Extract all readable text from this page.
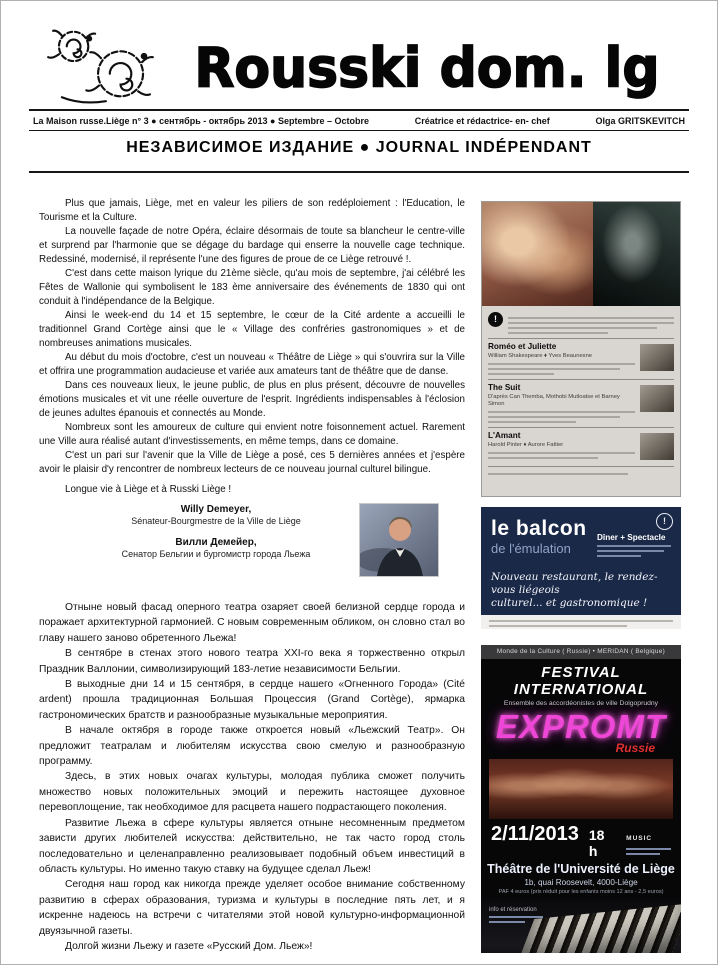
Rousski dom. lg
La Maison russe.Liège n° 3 ● сентябрь - октябрь 2013 ● Septembre – Octobre	Créatrice et rédactrice- en- chef	Olga GRITSKEVITCH
НЕЗАВИСИМОЕ ИЗДАНИЕ ● JOURNAL INDÉPENDANT

Plus que jamais, Liège, met en valeur les piliers de son redéploiement : l'Education, le Tourisme et la Culture.

La nouvelle façade de notre Opéra, éclaire désormais de toute sa blancheur le centre-ville et surprend par l'harmonie que se dégage du bardage qui enserre la nouvelle cage technique. Redessiné, modernisé, il représente l'une des figures de proue de ce Liège retrouvé !.

C'est dans cette maison lyrique du 21ème siècle, qu'au mois de septembre, j'ai célébré les Fêtes de Wallonie qui symbolisent le 183 ème anniversaire des événements de 1830 qui ont conduit à l'indépendance de la Belgique.

Ainsi le week-end du 14 et 15 septembre, le cœur de la Cité ardente a accueilli le traditionnel Grand Cortège ainsi que le « Village des confréries gastronomiques » et de nombreuses animations musicales.

Au début du mois d'octobre, c'est un nouveau « Théâtre de Liège » qui s'ouvrira sur la Ville et offrira une programmation audacieuse et variée aux amateurs tant de théâtre que de danse.

Dans ces nouveaux lieux, le jeune public, de plus en plus présent, découvre de nouvelles émotions musicales et vit une réelle ouverture de l'esprit. Ingrédients indispensables à l'éclosion de jeunes adultes épanouis et connectés au Monde.

Nombreux sont les amoureux de culture qui envient notre foisonnement actuel. Rarement une Ville aura réalisé autant d'investissements, en même temps, dans ce domaine.

C'est un pari sur l'avenir que la Ville de Liège a posé, ces 5 dernières années et j'espère avoir le plaisir d'y rencontrer de nombreux lecteurs de ce nouveau journal culturel bilingue.

Longue vie à Liège et à Russki Liège !

Willy Demeyer,
Sénateur-Bourgmestre de la Ville de Liège
Вилли Демейер,
Сенатор Бельгии и бургомистр города Льежа

Отныне новый фасад оперного театра озаряет своей белизной сердце города и поражает архитектурной гармонией. С новым современным обликом, он словно стал во главу нашего заново обретенного Льежа!

В сентябре в стенах этого нового театра XXI-го века я торжественно открыл Праздник Валлонии, символизирующий 183-летие независимости Бельгии.

В выходные дни 14 и 15 сентября, в сердце нашего «Огненного Города» (Cité ardent) прошла традиционная Большая Процессия (Grand Cortège), ярмарка гастрономических братств и разнообразные музыкальные мероприятия.

В начале октября в городе также откроется новый «Льежский Театр». Он предложит театралам и любителям искусства свою смелую и разнообразную программу.

Здесь, в этих новых очагах культуры, молодая публика сможет получить множество новых положительных эмоций и пережить настоящее духовное перевоплощение, так необходимое для расцвета нашего подрастающего поколения.

Развитие Льежа в сфере культуры является отныне несомненным предметом зависти других любителей искусства: действительно, не так часто город столь последовательно и целенаправленно реализовывает подобный объем инвестиций в область культуры. Но именно такую ставку на будущее сделал Льеж!

Сегодня наш город как никогда прежде уделяет особое внимание собственному развитию в сферах образования, туризма и культуры в последние пять лет, и я искренне надеюсь на встречи с читателями этой новой культурно-информационной двуязычной газеты.

Долгой жизни Льежу и газете «Русский Дом. Льеж»!

!
Roméo et Juliette
William Shakespeare ♦ Yves Beaunesne
The Suit
D'après Can Themba, Mothobi Mutloatse et Barney Simon
L'Amant
Harold Pinter ♦ Aurore Fattier
!
le balcon
de l'émulation
Dîner + Spectacle
Nouveau restaurant, le rendez-vous liégeois
culturel... et gastronomique !
Monde de la Culture ( Russie) • MERIDAN ( Belgique)
FESTIVAL INTERNATIONAL
Ensemble des accordéonistes de ville Dolgoprudny
EXPROMT
Russie
2/11/2013 18 h
MUSIC
Théâtre de l'Université de Liège
1b, quai Roosevelt, 4000-Liège
PAF 4 euros (prix réduit pour les enfants moins 12 ans - 2,5 euros)
info et réservation
